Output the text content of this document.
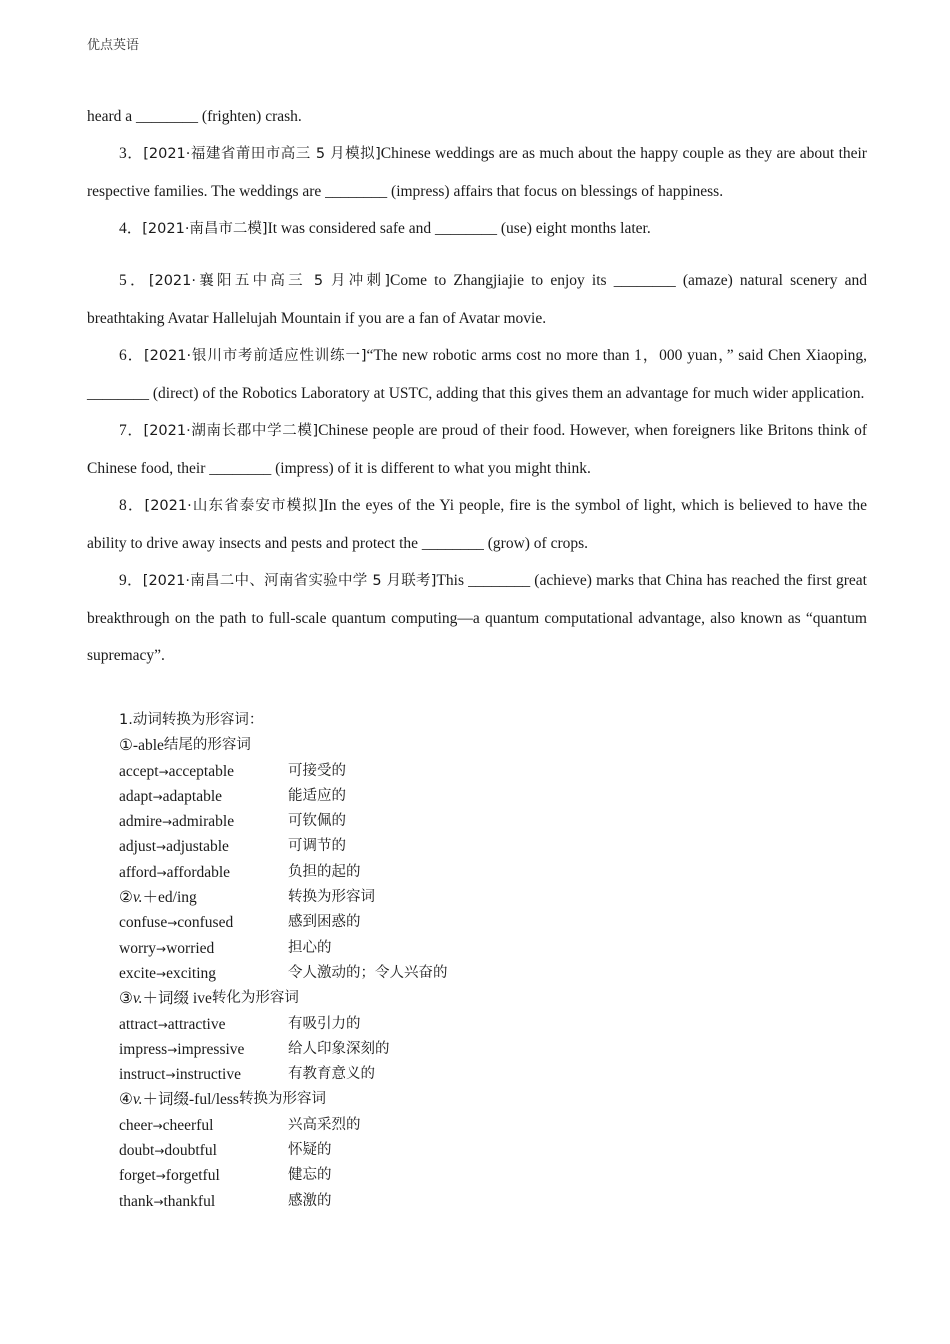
优点英语

heard a ________ (frighten) crash.

3．[2021·福建省莆田市高三 5 月模拟]Chinese weddings are as much about the happy couple as they are about their respective families. The weddings are ________ (impress) affairs that focus on blessings of happiness.

4．[2021·南昌市二模]It was considered safe and ________ (use) eight months later.

5．[2021·襄阳五中高三 5 月冲刺]Come to Zhangjiajie to enjoy its ________ (amaze) natural scenery and breathtaking Avatar Hallelujah Mountain if you are a fan of Avatar movie.

6．[2021·银川市考前适应性训练一]“The new robotic arms cost no more than 1，000 yuan，” said Chen Xiaoping, ________ (direct) of the Robotics Laboratory at USTC, adding that this gives them an advantage for much wider application.

7．[2021·湖南长郡中学二模]Chinese people are proud of their food. However, when foreigners like Britons think of Chinese food, their ________ (impress) of it is different to what you might think.

8．[2021·山东省泰安市模拟]In the eyes of the Yi people, fire is the symbol of light, which is believed to have the ability to drive away insects and pests and protect the ________ (grow) of crops.

9．[2021·南昌二中、河南省实验中学 5 月联考]This ________ (achieve) marks that China has reached the first great breakthrough on the path to full-scale quantum computing—a quantum computational advantage, also known as “quantum supremacy”.

1.动词转换为形容词：
① -able 结尾的形容词
accept→acceptable	可接受的
adapt→adaptable	能适应的
admire→admirable	可钦佩的
adjust→adjustable	可调节的
afford→affordable	负担的起的
②v.＋ed/ing	转换为形容词
confuse→confused	感到困惑的
worry→worried	担心的
excite→exciting	令人激动的；令人兴奋的
③ v. ＋词缀 ive 转化为形容词
attract→attractive	有吸引力的
impress→impressive	给人印象深刻的
instruct→instructive	有教育意义的
④ v. ＋词缀-ful/less 转换为形容词
cheer→cheerful	兴高采烈的
doubt→doubtful	怀疑的
forget→forgetful	健忘的
thank→thankful	感激的
